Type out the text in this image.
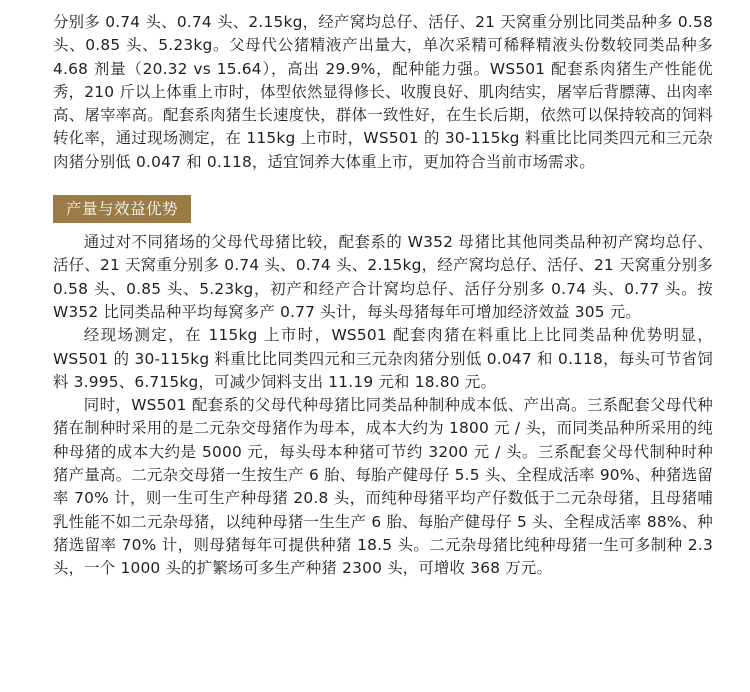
分别多 0.74 头、0.74 头、2.15kg，经产窝均总仔、活仔、21 天窝重分别比同类品种多 0.58 头、0.85 头、5.23kg。父母代公猪精液产出量大，单次采精可稀释精液头份数较同类品种多 4.68 剂量（20.32 vs 15.64），高出 29.9%，配种能力强。WS501 配套系肉猪生产性能优秀，210 斤以上体重上市时，体型依然显得修长、收腹良好、肌肉结实，屠宰后背膘薄、出肉率高、屠宰率高。配套系肉猪生长速度快，群体一致性好，在生长后期，依然可以保持较高的饲料转化率，通过现场测定，在 115kg 上市时，WS501 的 30-115kg 料重比比同类四元和三元杂肉猪分别低 0.047 和 0.118，适宜饲养大体重上市，更加符合当前市场需求。

产量与效益优势

通过对不同猪场的父母代母猪比较，配套系的 W352 母猪比其他同类品种初产窝均总仔、活仔、21 天窝重分别多 0.74 头、0.74 头、2.15kg，经产窝均总仔、活仔、21 天窝重分别多 0.58 头、0.85 头、5.23kg，初产和经产合计窝均总仔、活仔分别多 0.74 头、0.77 头。按 W352 比同类品种平均每窝多产 0.77 头计，每头母猪每年可增加经济效益 305 元。

经现场测定，在 115kg 上市时，WS501 配套肉猪在料重比上比同类品种优势明显，WS501 的 30-115kg 料重比比同类四元和三元杂肉猪分别低 0.047 和 0.118，每头可节省饲料 3.995、6.715kg，可减少饲料支出 11.19 元和 18.80 元。

同时，WS501 配套系的父母代种母猪比同类品种制种成本低、产出高。三系配套父母代种猪在制种时采用的是二元杂交母猪作为母本，成本大约为 1800 元 / 头，而同类品种所采用的纯种母猪的成本大约是 5000 元，每头母本种猪可节约 3200 元 / 头。三系配套父母代制种时种猪产量高。二元杂交母猪一生按生产 6 胎、每胎产健母仔 5.5 头、全程成活率 90%、种猪选留率 70% 计，则一生可生产种母猪 20.8 头，而纯种母猪平均产仔数低于二元杂母猪，且母猪哺乳性能不如二元杂母猪，以纯种母猪一生生产 6 胎、每胎产健母仔 5 头、全程成活率 88%、种猪选留率 70% 计，则母猪每年可提供种猪 18.5 头。二元杂母猪比纯种母猪一生可多制种 2.3 头，一个 1000 头的扩繁场可多生产种猪 2300 头，可增收 368 万元。
